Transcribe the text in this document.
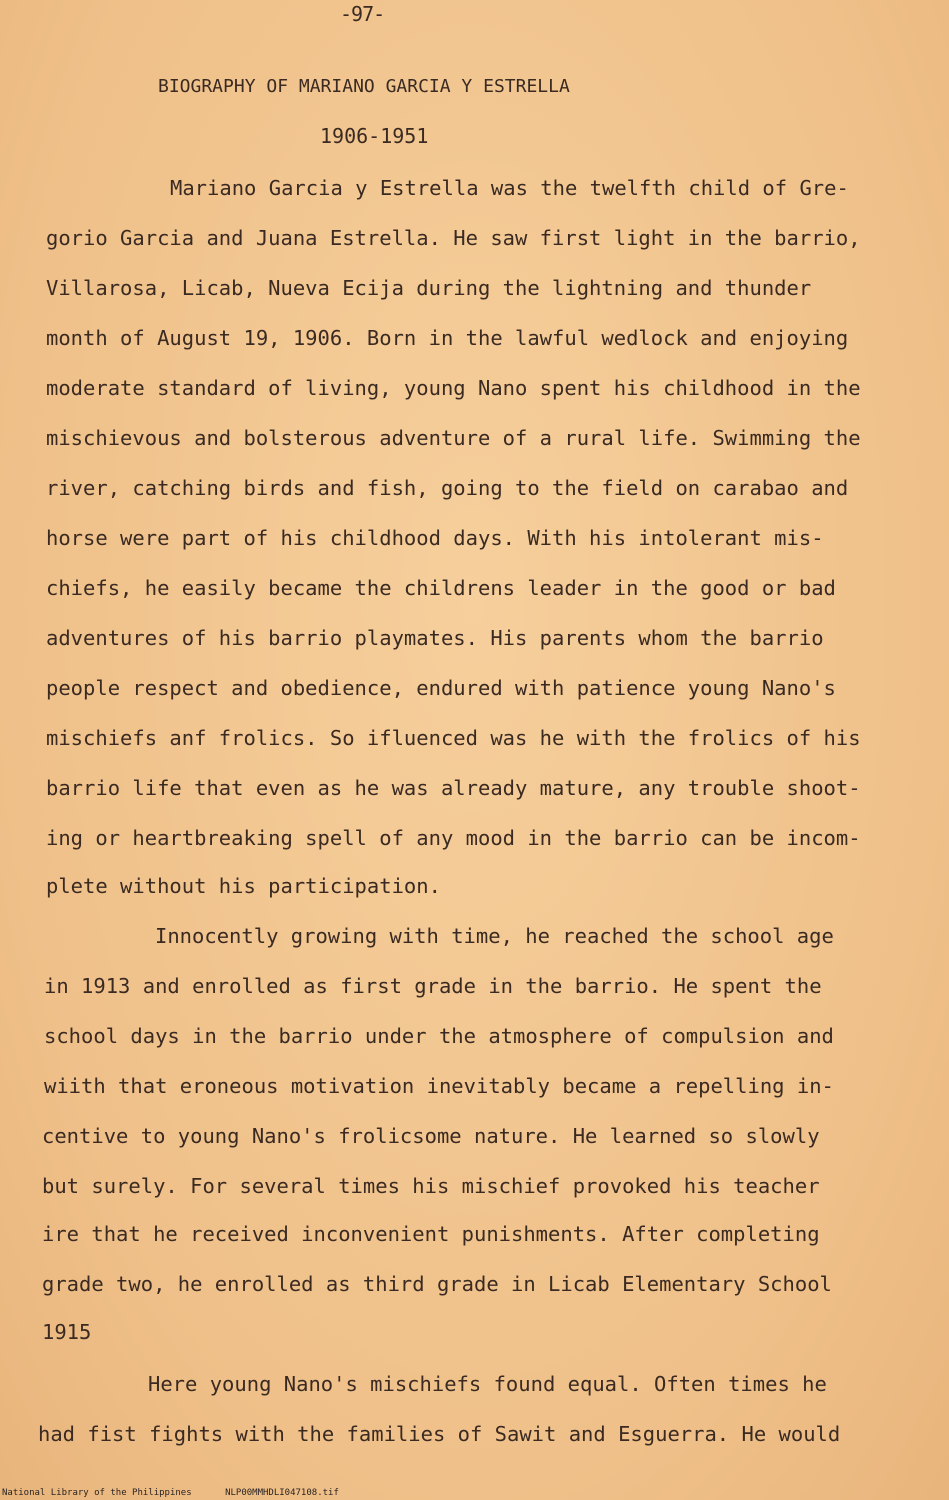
-97-
BIOGRAPHY OF MARIANO GARCIA Y ESTRELLA
1906-1951
Mariano Garcia y Estrella was the twelfth child of Gre-
gorio Garcia and Juana Estrella. He saw first light in the barrio,
Villarosa, Licab, Nueva Ecija during the lightning and thunder
month of August 19, 1906. Born in the lawful wedlock and enjoying
moderate standard of living, young Nano spent his childhood in the
mischievous and bolsterous adventure of a rural life. Swimming the
river, catching birds and fish, going to the field on carabao and
horse were part of his childhood days. With his intolerant mis-
chiefs, he easily became the childrens leader in the good or bad
adventures of his barrio playmates. His parents whom the barrio
people respect and obedience, endured with patience young Nano's
mischiefs anf frolics. So ifluenced was he with the frolics of his
barrio life that even as he was already mature, any trouble shoot-
ing or heartbreaking spell of any mood in the barrio can be incom-
plete without his participation.
Innocently growing with time, he reached the school age
in 1913 and enrolled as first grade in the barrio. He spent the
school days in the barrio under the atmosphere of compulsion and
wiith that eroneous motivation inevitably became a repelling in-
centive to young Nano's frolicsome nature. He learned so slowly
but surely. For several times his mischief provoked his teacher
ire that he received inconvenient punishments. After completing
grade two, he enrolled as third grade in Licab Elementary School
1915
Here young Nano's mischiefs found equal. Often times he
had fist fights with the families of Sawit and Esguerra. He would
National Library of the Philippines	NLP00MMHDLI047108.tif
